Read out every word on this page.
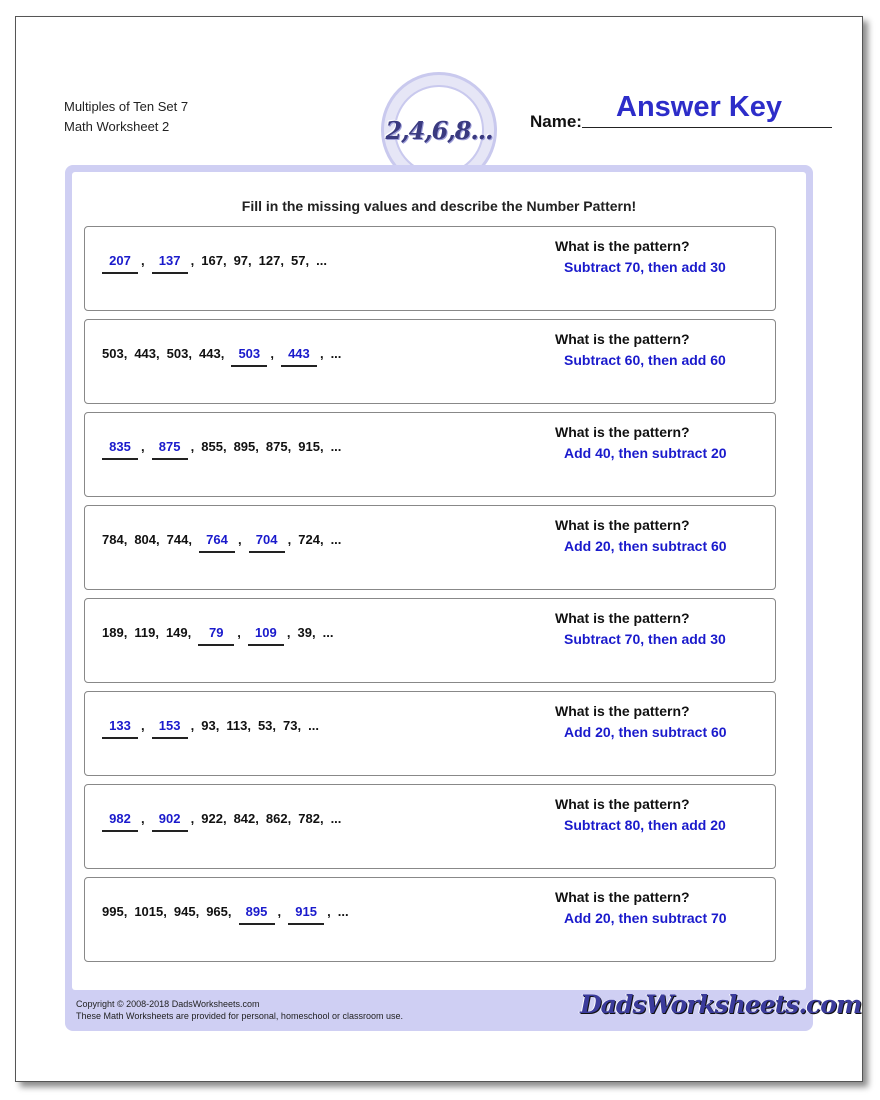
Multiples of Ten Set 7
Math Worksheet 2	2,4,6,8... Name: Answer Key
Fill in the missing values and describe the Number Pattern!
207 ,	137 , 167 , 97 , 127 , 57 , ...
What is the pattern?
Subtract 70, then add 30
503 , 443 , 503 , 443 ,	503 ,	443 , ...
What is the pattern?
Subtract 60, then add 60
835 ,	875 , 855 , 895 , 875 , 915 , ...
What is the pattern?
Add 40, then subtract 20
784 , 804 , 744 ,	764 ,	704 , 724 , ...
What is the pattern?
Add 20, then subtract 60
189 , 119 , 149 ,	79	,	109 , 39 , ...
What is the pattern?
Subtract 70, then add 30
133 ,	153 , 93 , 113 , 53 , 73 , ...
What is the pattern?
Add 20, then subtract 60
982 ,	902 , 922 , 842 , 862 , 782 , ...
What is the pattern?
Subtract 80, then add 20
995 , 1015 , 945 , 965 ,	895 ,	915 , ...
What is the pattern?
Add 20, then subtract 70
Copyright © 2008-2018 DadsWorksheets.com
These Math Worksheets are provided for personal, homeschool or classroom use.	DadsWorksheets.com
